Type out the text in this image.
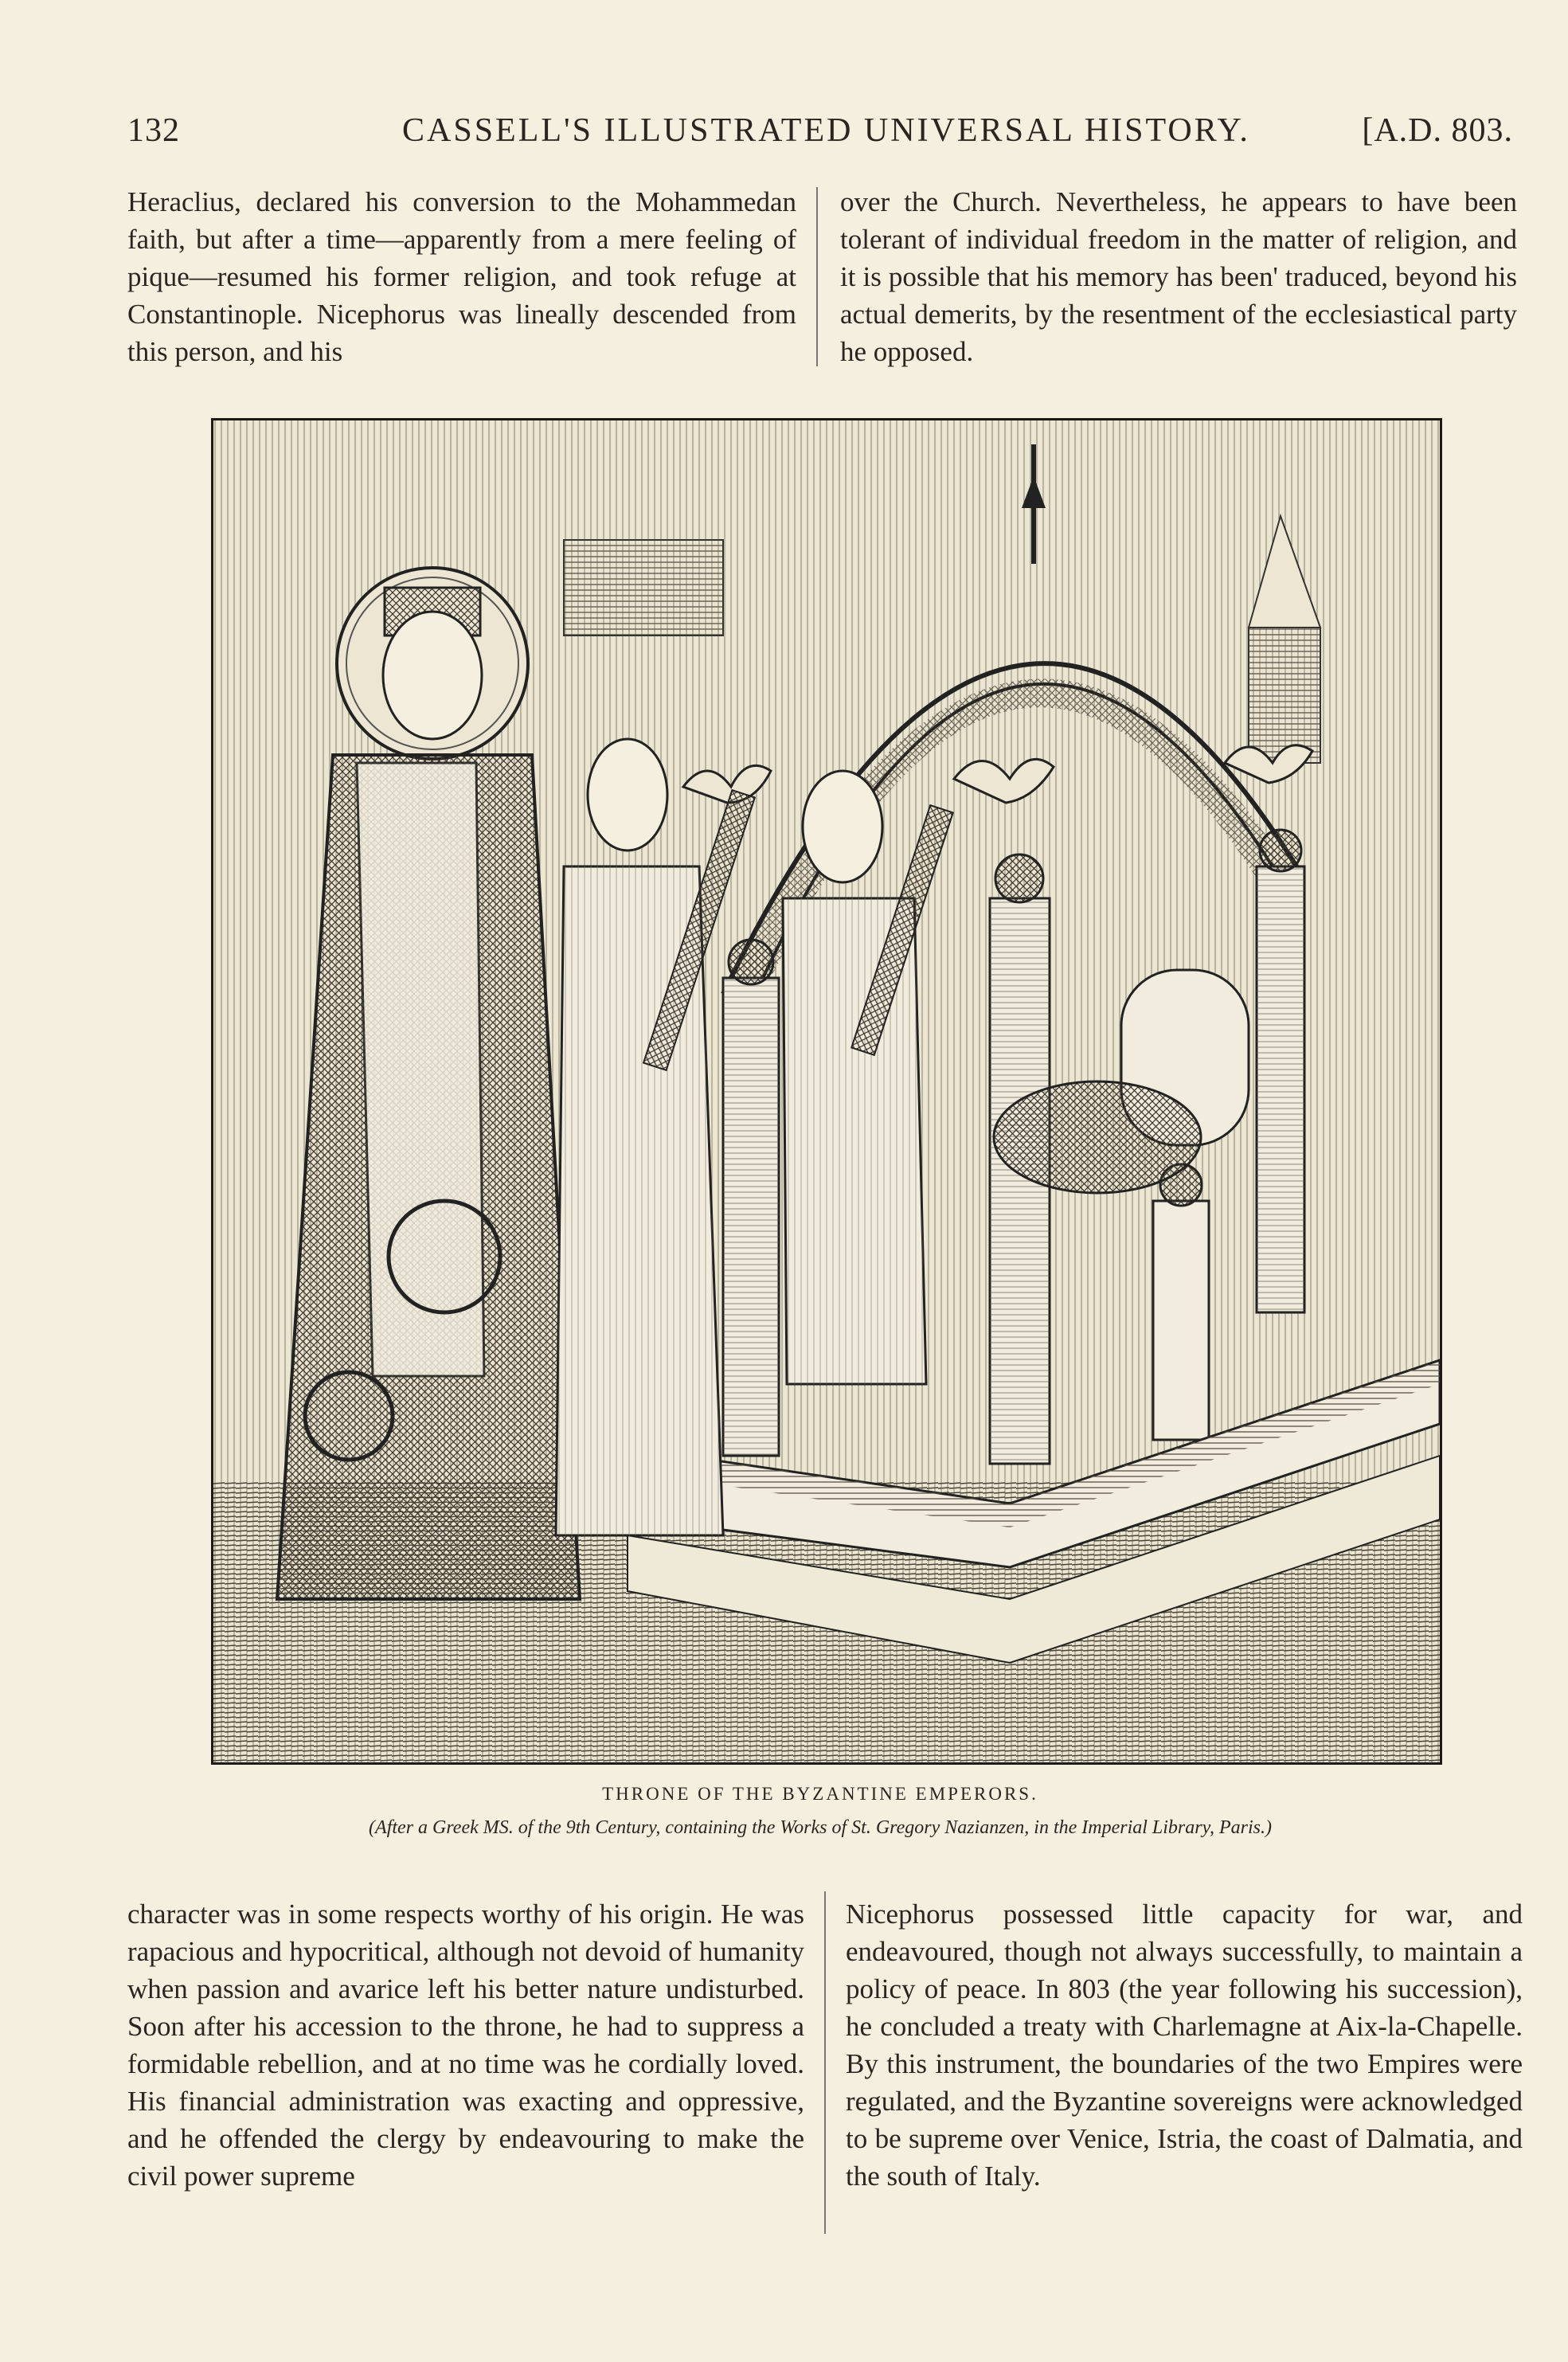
132	CASSELL'S ILLUSTRATED UNIVERSAL HISTORY.	[A.D. 803.

Heraclius, declared his conversion to the Mohammedan faith, but after a time—apparently from a mere feeling of pique—resumed his former religion, and took refuge at Constantinople. Nicephorus was lineally descended from this person, and his

over the Church. Nevertheless, he appears to have been tolerant of individual freedom in the matter of religion, and it is possible that his memory has been' traduced, beyond his actual demerits, by the resentment of the ecclesiastical party he opposed.

THRONE OF THE BYZANTINE EMPERORS.
(After a Greek MS. of the 9th Century, containing the Works of St. Gregory Nazianzen, in the Imperial Library, Paris.)

character was in some respects worthy of his origin. He was rapacious and hypocritical, although not devoid of humanity when passion and avarice left his better nature undisturbed. Soon after his accession to the throne, he had to suppress a formidable rebellion, and at no time was he cordially loved. His financial administration was exacting and oppressive, and he offended the clergy by endeavouring to make the civil power supreme

Nicephorus possessed little capacity for war, and endeavoured, though not always successfully, to maintain a policy of peace. In 803 (the year following his succession), he concluded a treaty with Charlemagne at Aix-la-Chapelle. By this instrument, the boundaries of the two Empires were regulated, and the Byzantine sovereigns were acknowledged to be supreme over Venice, Istria, the coast of Dalmatia, and the south of Italy.
